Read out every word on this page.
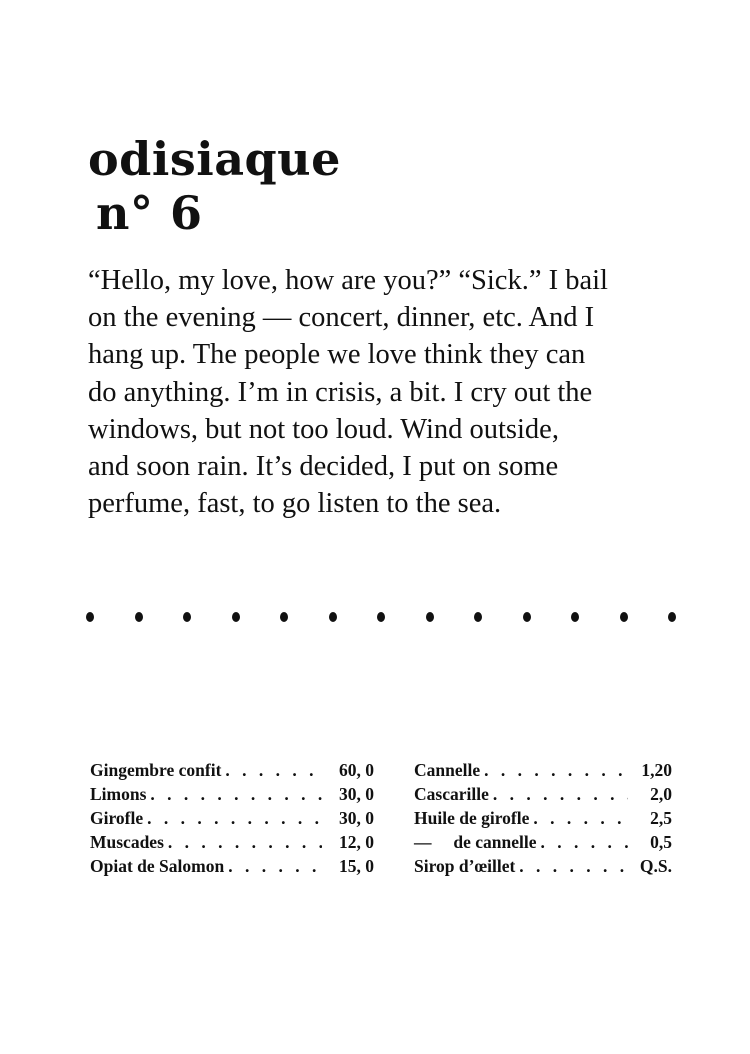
odisiaque
n° 6
“Hello, my love, how are you?” “Sick.” I bail
on the evening — concert, dinner, etc. And I
hang up. The people we love think they can
do anything. I’m in crisis, a bit. I cry out the
windows, but not too loud. Wind outside,
and soon rain. It’s decided, I put on some
perfume, fast, to go listen to the sea.
Gingembre confit . . .	60, 0
Limons . . .	30, 0
Girofle . . .	30, 0
Muscades . . .	12, 0
Opiat de Salomon . . .	15, 0
Cannelle . . .	1,20
Cascarille . . .	2,0
Huile de girofle . . .	2,5
—     de cannelle . . .	0,5
Sirop d’œillet . . .	Q.S.
